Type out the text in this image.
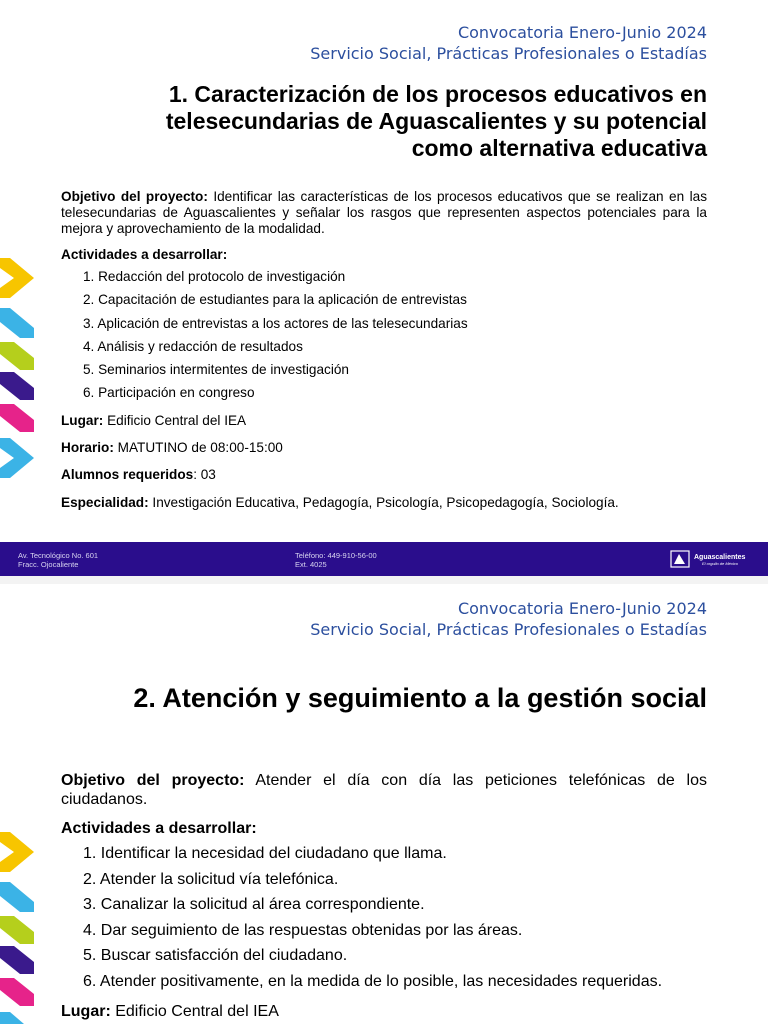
Convocatoria Enero-Junio 2024
Servicio Social, Prácticas Profesionales o Estadías
1. Caracterización de los procesos educativos en
telesecundarias de Aguascalientes y su potencial
como alternativa educativa
Objetivo del proyecto: Identificar las características de los procesos educativos que se realizan en las telesecundarias de Aguascalientes y señalar los rasgos que representen aspectos potenciales para la mejora y aprovechamiento de la modalidad.
Actividades a desarrollar:
1. Redacción del protocolo de investigación
2. Capacitación de estudiantes para la aplicación de entrevistas
3. Aplicación de entrevistas a los actores de las telesecundarias
4. Análisis y redacción de resultados
5. Seminarios intermitentes de investigación
6. Participación en congreso
Lugar: Edificio Central del IEA
Horario: MATUTINO de 08:00-15:00
Alumnos requeridos: 03
Especialidad: Investigación Educativa, Pedagogía, Psicología, Psicopedagogía, Sociología.
Av. Tecnológico No. 601
Fracc. Ojocaliente
Teléfono: 449-910-56-00
Ext. 4025
Aguascalientes
El orgullo de México
Convocatoria Enero-Junio 2024
Servicio Social, Prácticas Profesionales o Estadías
2. Atención y seguimiento a la gestión social
Objetivo del proyecto: Atender el día con día las peticiones telefónicas de los ciudadanos.
Actividades a desarrollar:
1. Identificar la necesidad del ciudadano que llama.
2. Atender la solicitud vía telefónica.
3. Canalizar la solicitud al área correspondiente.
4. Dar seguimiento de las respuestas obtenidas por las áreas.
5. Buscar satisfacción del ciudadano.
6. Atender positivamente, en la medida de lo posible, las necesidades requeridas.
Lugar: Edificio Central del IEA
